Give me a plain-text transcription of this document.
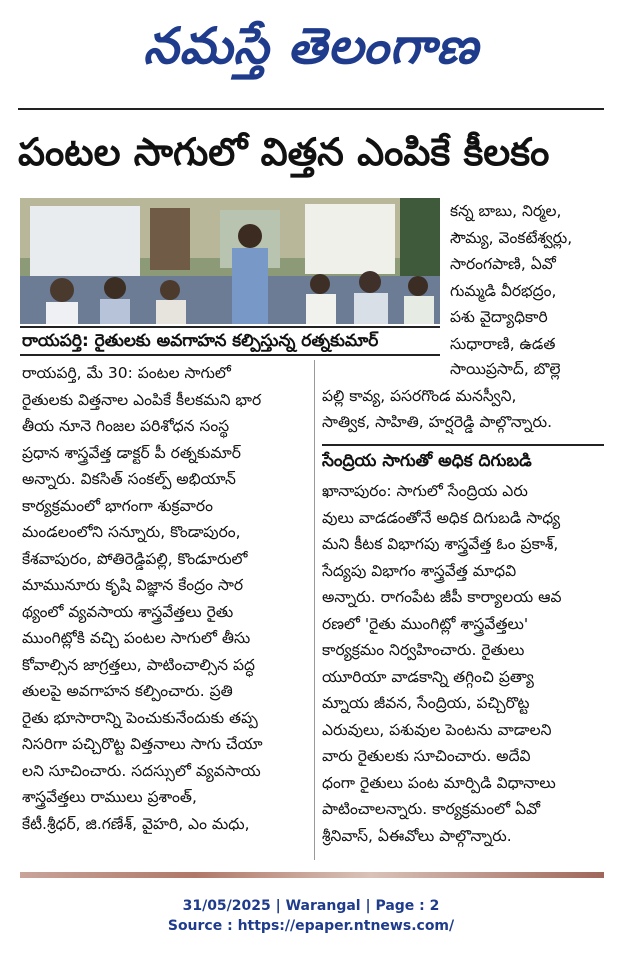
నమస్తే తెలంగాణ
పంటల సాగులో విత్తన ఎంపికే కీలకం
రాయపర్తి: రైతులకు అవగాహన కల్పిస్తున్న రత్నకుమార్
కన్న బాబు, నిర్మల,
సౌమ్య, వెంకటేశ్వర్లు,
సారంగపాణి, ఏవో
గుమ్మడి వీరభద్రం,
పశు వైద్యాధికారి
సుధారాణి, ఉడత
రాయపర్తి, మే 30: పంటల సాగులో
రైతులకు విత్తనాల ఎంపికే కీలకమని భార
తీయ నూనె గింజల పరిశోధన సంస్థ
ప్రధాన శాస్త్రవేత్త డాక్టర్ పీ రత్నకుమార్
అన్నారు. వికసిత్ సంకల్ప్ అభియాన్
కార్యక్రమంలో భాగంగా శుక్రవారం
మండలంలోని సన్నూరు, కొండాపురం,
కేశవాపురం, పోతిరెడ్డిపల్లి, కొండూరులో
మామునూరు కృషి విజ్ఞాన కేంద్రం సార
థ్యంలో వ్యవసాయ శాస్త్రవేత్తలు రైతు
ముంగిట్లోకి వచ్చి పంటల సాగులో తీసు
కోవాల్సిన జాగ్రత్తలు, పాటించాల్సిన పద్ధ
తులపై అవగాహన కల్పించారు. ప్రతి
రైతు భూసారాన్ని పెంచుకునేందుకు తప్ప
నిసరిగా పచ్చిరొట్ట విత్తనాలు సాగు చేయా
లని సూచించారు. సదస్సులో వ్యవసాయ
శాస్త్రవేత్తలు రాములు ప్రశాంత్,
కేటీ.శ్రీధర్, జి.గణేశ్, వైహరి, ఎం మధు,
సాయిప్రసాద్, బొల్లె
పల్లి కావ్య, పసరగొండ మనస్వీని,
సాత్విక, సాహితి, హర్షరెడ్డి పాల్గొన్నారు.
సేంద్రియ సాగుతో అధిక దిగుబడి
ఖానాపురం: సాగులో సేంద్రియ ఎరు
వులు వాడడంతోనే అధిక దిగుబడి సాధ్య
మని కీటక విభాగపు శాస్త్రవేత్త ఓం ప్రకాశ్,
సేద్యపు విభాగం శాస్త్రవేత్త మాధవి
అన్నారు. రాగంపేట జీపీ కార్యాలయ ఆవ
రణలో 'రైతు ముంగిట్లో శాస్త్రవేత్తలు'
కార్యక్రమం నిర్వహించారు. రైతులు
యూరియా వాడకాన్ని తగ్గించి ప్రత్యా
మ్నాయ జీవన, సేంద్రియ, పచ్చిరొట్ట
ఎరువులు, పశువుల పెంటను వాడాలని
వారు రైతులకు సూచించారు. అదేవి
ధంగా రైతులు పంట మార్పిడి విధానాలు
పాటించాలన్నారు. కార్యక్రమంలో ఏవో
శ్రీనివాస్, ఏఈవోలు పాల్గొన్నారు.
31/05/2025 | Warangal | Page : 2
Source : https://epaper.ntnews.com/
